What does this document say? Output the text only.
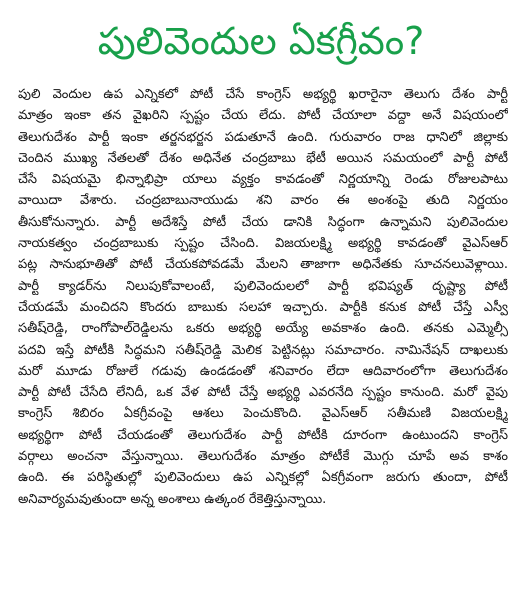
పులివెందుల ఏకగ్రీవం?
పులి వెందుల ఉప ఎన్నికలో పోటీ చేసే కాంగ్రెస్ అభ్యర్థి ఖరారైనా తెలుగు దేశం పార్టీ
మాత్రం ఇంకా తన వైఖరిని స్పష్టం చేయ లేదు. పోటీ చేయాలా వద్దా అనే విషయంలో
తెలుగుదేశం పార్టీ ఇంకా తర్జనభర్జన పడుతూనే ఉంది. గురువారం రాజ ధానిలో జిల్లాకు
చెందిన ముఖ్య నేతలతో దేశం అధినేత చంద్రబాబు భేటీ అయిన సమయంలో పార్టీ పోటీ
చేసే విషయమై భిన్నాభిప్రా యాలు వ్యక్తం కావడంతో నిర్ణయాన్ని రెండు రోజులపాటు
వాయిదా వేశారు. చంద్రబాబునాయుడు శని వారం ఈ అంశంపై తుది నిర్ణయం
తీసుకోనున్నారు. పార్టీ అదేశిస్తే పోటీ చేయ డానికి సిద్ధంగా ఉన్నామని పులివెందుల
నాయకత్వం చంద్రబాబుకు స్పష్టం చేసింది. విజయలక్ష్మి అభ్యర్థి కావడంతో వైఎస్ఆర్
పట్ల సానుభూతితో పోటీ చేయకపోవడమే మేలని తాజాగా అధినేతకు సూచనలువెళ్లాయి.
పార్టీ క్యాడర్‌ను నిలుపుకోవాలంటే, పులివెందులలో పార్టీ భవిష్యత్ దృష్ట్యా పోటీ
చేయడమే మంచిదని కొందరు బాబుకు సలహా ఇచ్చారు. పార్టీకి కనుక పోటీ చేస్తే ఎస్వీ
సతీష్‌రెడ్డి, రాంగోపాల్‌రెడ్డిలను ఒకరు అభ్యర్థి అయ్యే అవకాశం ఉంది. తనకు ఎమ్మెల్సీ
పదవి ఇస్తే పోటీకి సిద్ధమని సతీష్‌రెడ్డి మెలిక పెట్టినట్లు సమాచారం. నామినేషన్ దాఖలుకు
మరో మూడు రోజులే గడువు ఉండడంతో శనివారం లేదా ఆదివారంలోగా తెలుగుదేశం
పార్టీ పోటీ చేసేది లేనిదీ, ఒక వేళ పోటీ చేస్తే అభ్యర్థి ఎవరనేది స్పష్టం కానుంది. మరో వైపు
కాంగ్రెస్ శిబిరం ఏకగ్రీవంపై ఆశలు పెంచుకొంది. వైఎస్ఆర్ సతీమణి విజయలక్ష్మి
అభ్యర్థిగా పోటీ చేయడంతో తెలుగుదేశం పార్టీ పోటీకి దూరంగా ఉంటుందని కాంగ్రెస్
వర్గాలు అంచనా వేస్తున్నాయి. తెలుగుదేశం మాత్రం పోటీకే మొగ్గు చూపే అవ కాశం
ఉంది. ఈ పరిస్థితుల్లో పులివెందులు ఉప ఎన్నికల్లో ఏకగ్రీవంగా జరుగు తుందా, పోటీ
అనివార్యమవుతుందా అన్న అంశాలు ఉత్కంఠ రేకెత్తిస్తున్నాయి.
